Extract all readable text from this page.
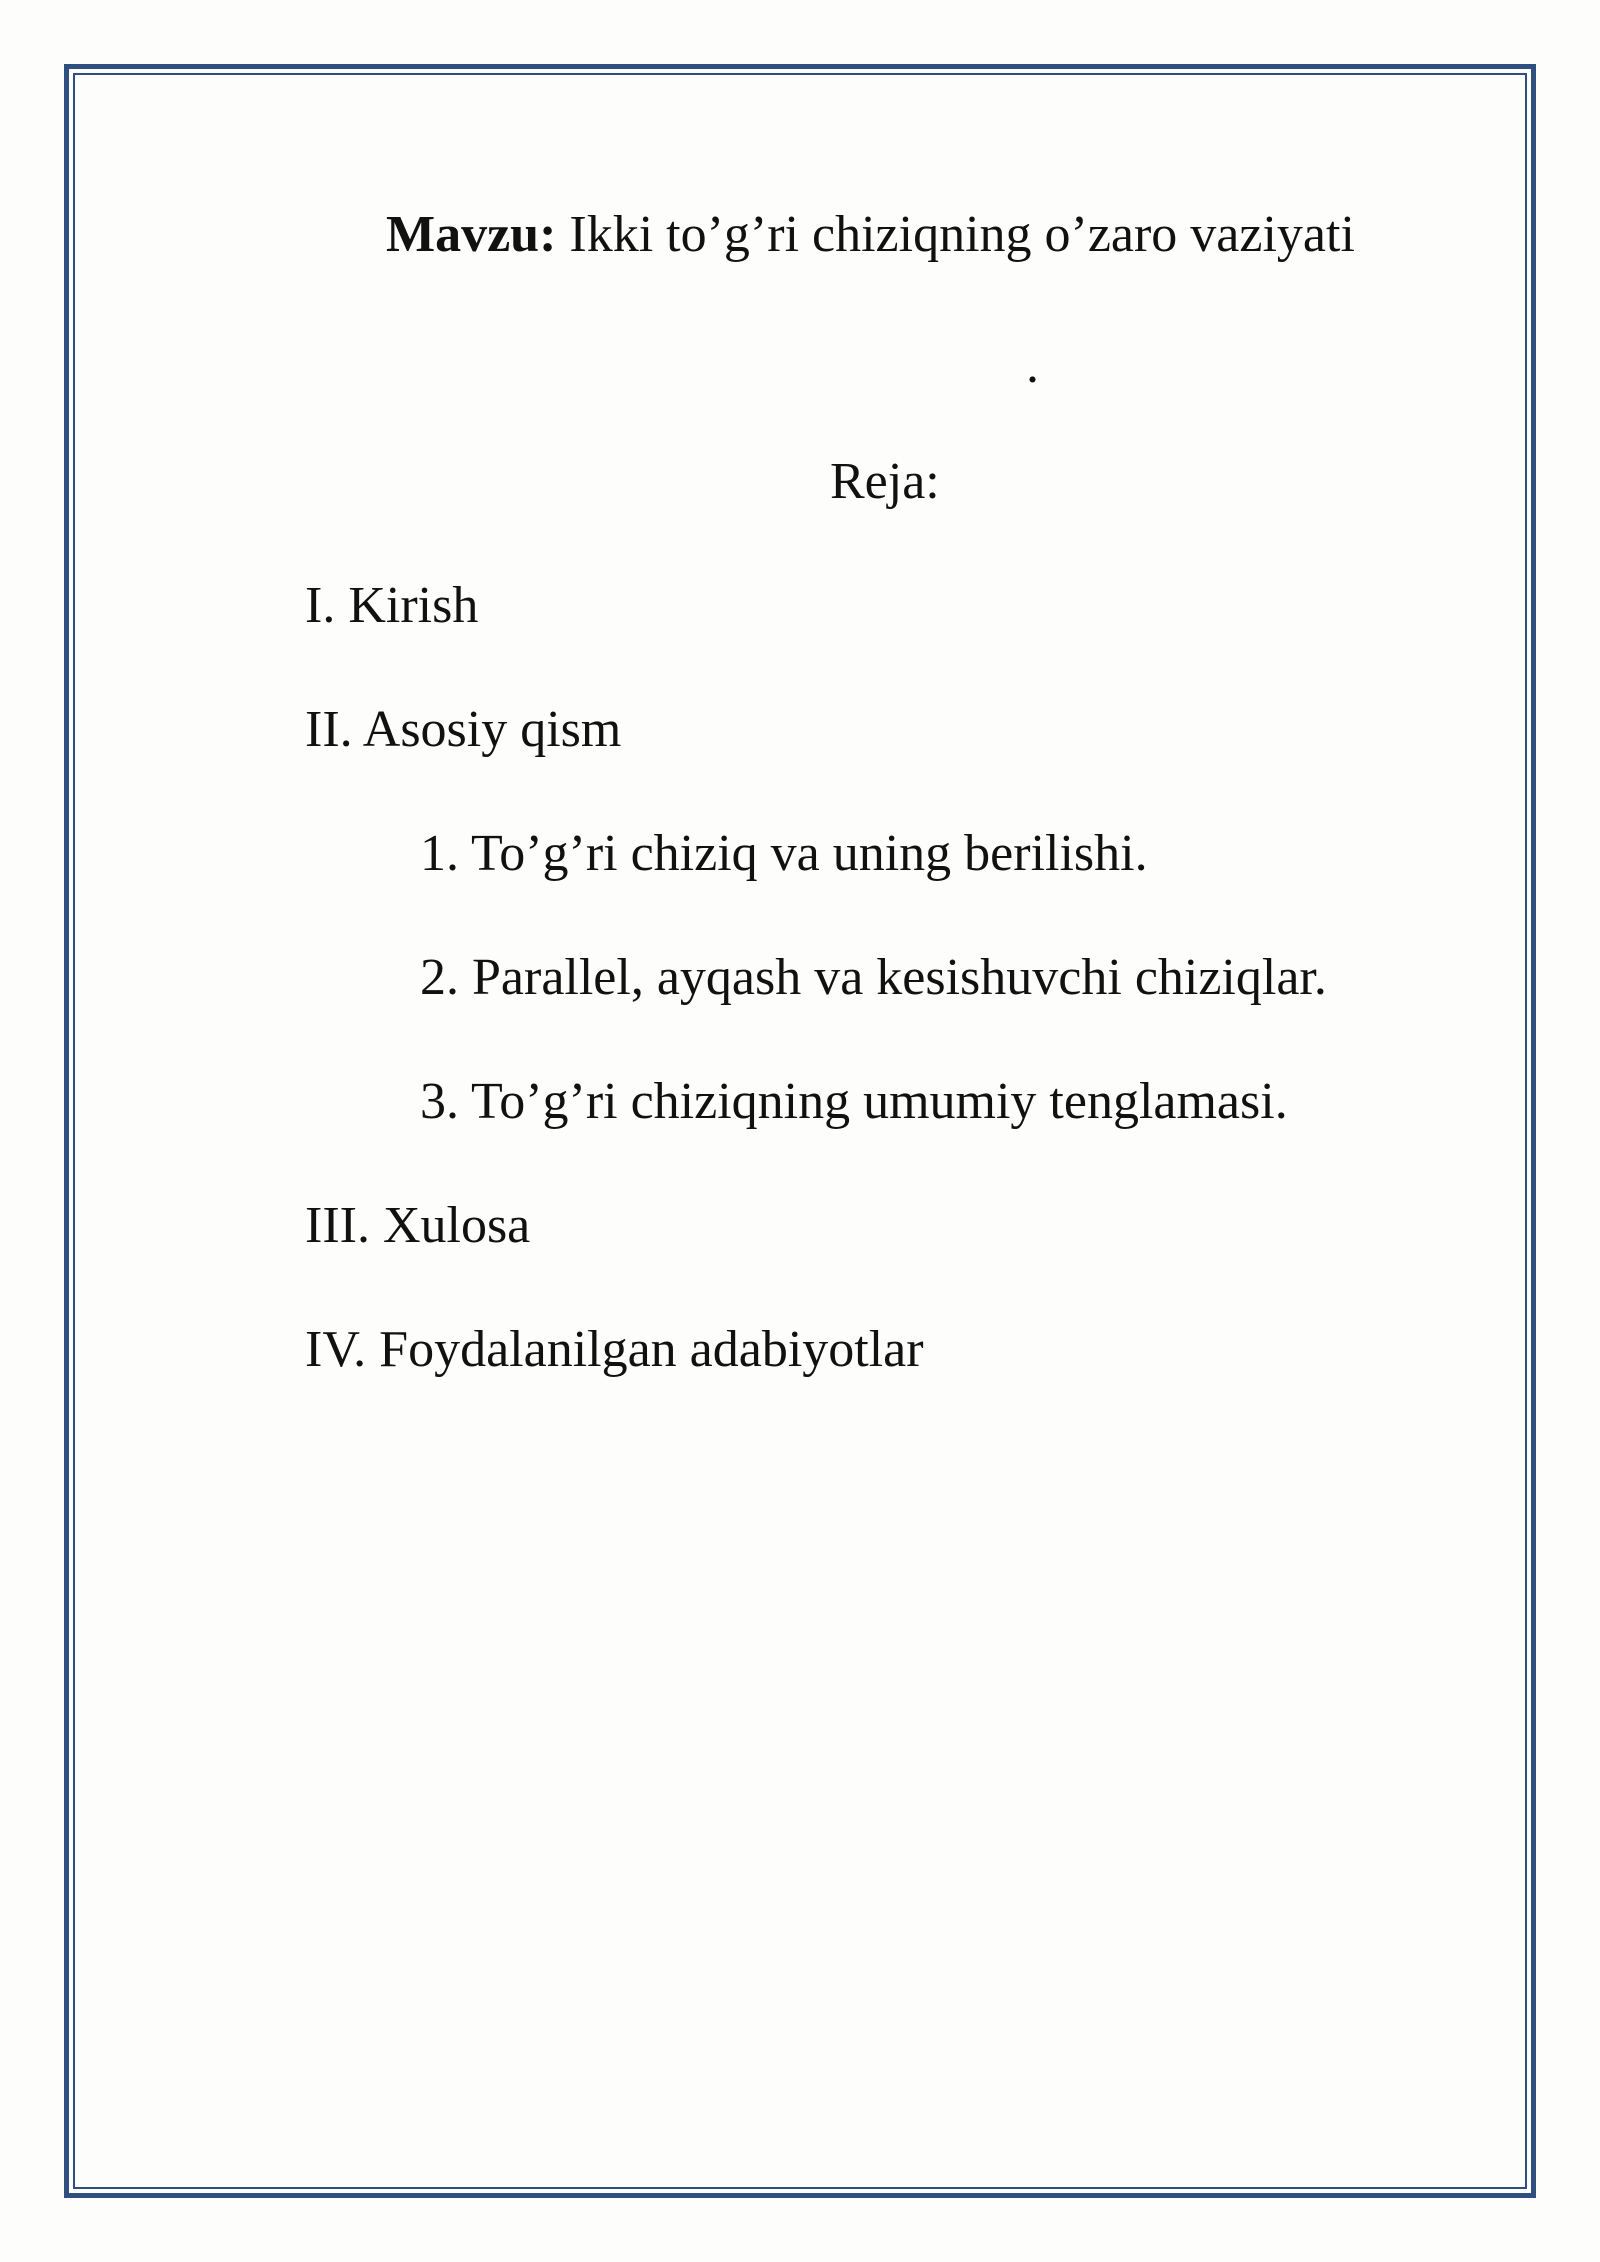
Mavzu: Ikki to’g’ri chiziqning o’zaro vaziyati
.
Reja:
I. Kirish
II. Asosiy qism
1. To’g’ri chiziq va uning berilishi.
2. Parallel, ayqash va kesishuvchi chiziqlar.
3. To’g’ri chiziqning umumiy tenglamasi.
III. Xulosa
IV. Foydalanilgan adabiyotlar
